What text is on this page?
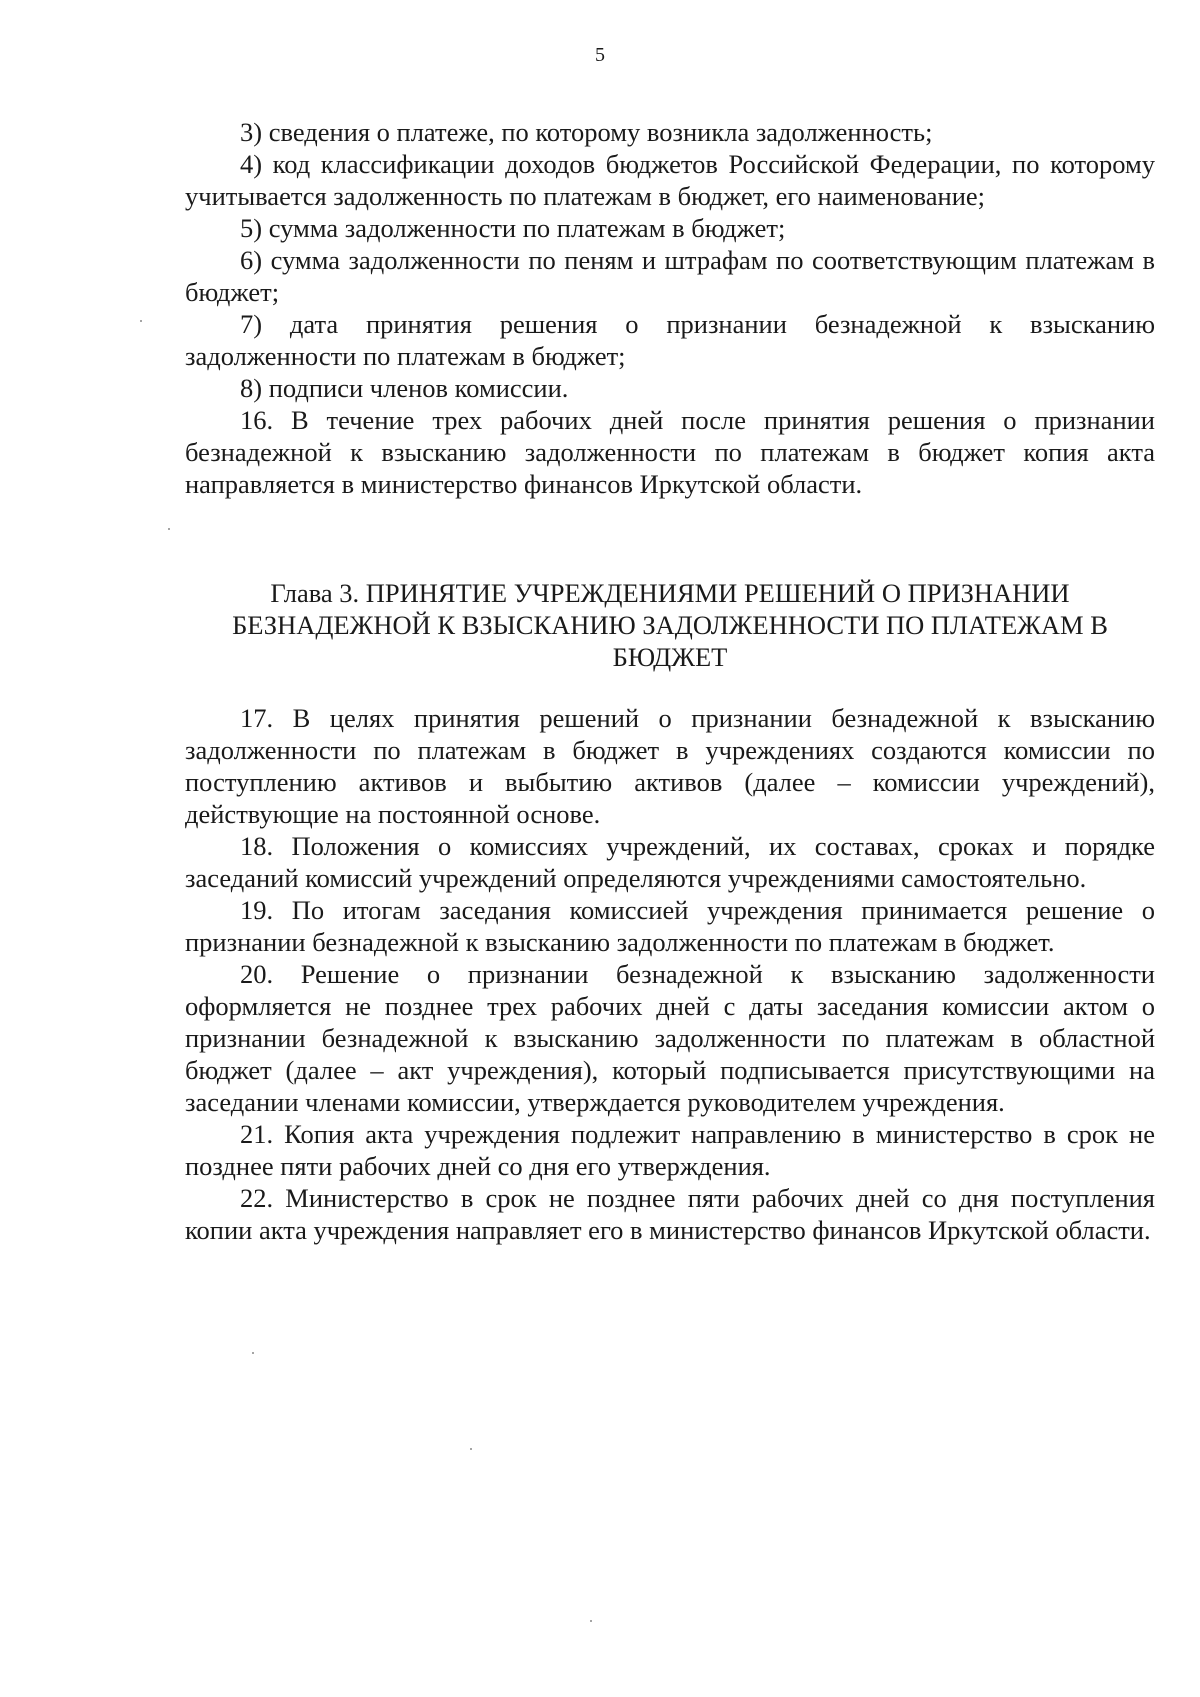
5

3) сведения о платеже, по которому возникла задолженность;

4) код классификации доходов бюджетов Российской Федерации, по которому учитывается задолженность по платежам в бюджет, его наименование;

5) сумма задолженности по платежам в бюджет;

6) сумма задолженности по пеням и штрафам по соответствующим платежам в бюджет;

7) дата принятия решения о признании безнадежной к взысканию задолженности по платежам в бюджет;

8) подписи членов комиссии.

16. В течение трех рабочих дней после принятия решения о признании безнадежной к взысканию задолженности по платежам в бюджет копия акта направляется в министерство финансов Иркутской области.

Глава 3. ПРИНЯТИЕ УЧРЕЖДЕНИЯМИ РЕШЕНИЙ О ПРИЗНАНИИ
БЕЗНАДЕЖНОЙ К ВЗЫСКАНИЮ ЗАДОЛЖЕННОСТИ ПО ПЛАТЕЖАМ В
БЮДЖЕТ

17. В целях принятия решений о признании безнадежной к взысканию задолженности по платежам в бюджет в учреждениях создаются комиссии по поступлению активов и выбытию активов (далее – комиссии учреждений), действующие на постоянной основе.

18. Положения о комиссиях учреждений, их составах, сроках и порядке заседаний комиссий учреждений определяются учреждениями самостоятельно.

19. По итогам заседания комиссией учреждения принимается решение о признании безнадежной к взысканию задолженности по платежам в бюджет.

20. Решение о признании безнадежной к взысканию задолженности оформляется не позднее трех рабочих дней с даты заседания комиссии актом о признании безнадежной к взысканию задолженности по платежам в областной бюджет (далее – акт учреждения), который подписывается присутствующими на заседании членами комиссии, утверждается руководителем учреждения.

21. Копия акта учреждения подлежит направлению в министерство в срок не позднее пяти рабочих дней со дня его утверждения.

22. Министерство в срок не позднее пяти рабочих дней со дня поступления копии акта учреждения направляет его в министерство финансов Иркутской области.
